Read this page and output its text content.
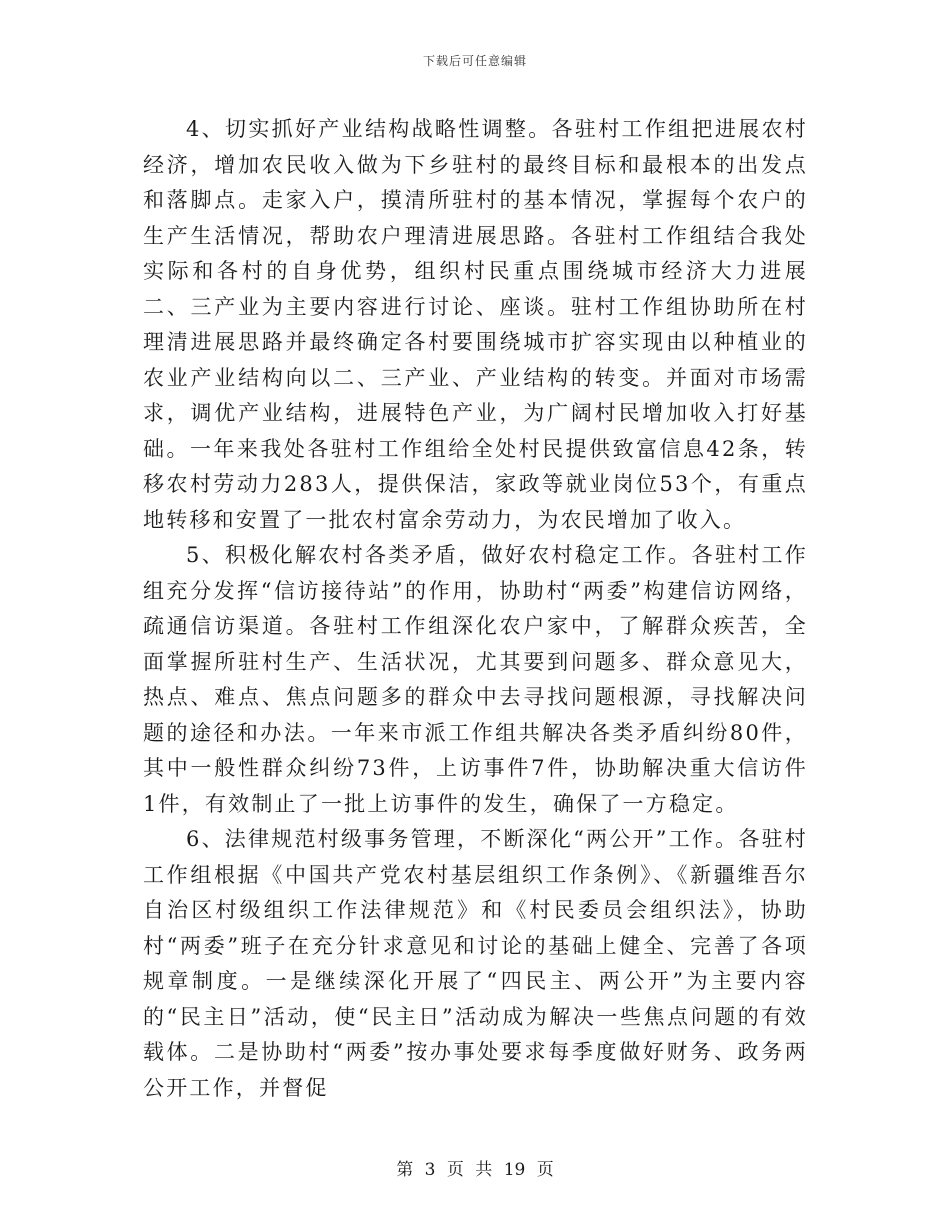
下载后可任意编辑

4、切实抓好产业结构战略性调整。各驻村工作组把进展农村经济，增加农民收入做为下乡驻村的最终目标和最根本的出发点和落脚点。走家入户，摸清所驻村的基本情况，掌握每个农户的生产生活情况，帮助农户理清进展思路。各驻村工作组结合我处实际和各村的自身优势，组织村民重点围绕城市经济大力进展二、三产业为主要内容进行讨论、座谈。驻村工作组协助所在村理清进展思路并最终确定各村要围绕城市扩容实现由以种植业的农业产业结构向以二、三产业、产业结构的转变。并面对市场需求，调优产业结构，进展特色产业，为广阔村民增加收入打好基础。一年来我处各驻村工作组给全处村民提供致富信息42条，转移农村劳动力283人，提供保洁，家政等就业岗位53个，有重点地转移和安置了一批农村富余劳动力，为农民增加了收入。

5、积极化解农村各类矛盾，做好农村稳定工作。各驻村工作组充分发挥“信访接待站”的作用，协助村“两委”构建信访网络，疏通信访渠道。各驻村工作组深化农户家中，了解群众疾苦，全面掌握所驻村生产、生活状况，尤其要到问题多、群众意见大，热点、难点、焦点问题多的群众中去寻找问题根源，寻找解决问题的途径和办法。一年来市派工作组共解决各类矛盾纠纷80件，其中一般性群众纠纷73件，上访事件7件，协助解决重大信访件1件，有效制止了一批上访事件的发生，确保了一方稳定。

6、法律规范村级事务管理，不断深化“两公开”工作。各驻村工作组根据《中国共产党农村基层组织工作条例》、《新疆维吾尔自治区村级组织工作法律规范》和《村民委员会组织法》，协助村“两委”班子在充分针求意见和讨论的基础上健全、完善了各项规章制度。一是继续深化开展了“四民主、两公开”为主要内容的“民主日”活动，使“民主日”活动成为解决一些焦点问题的有效载体。二是协助村“两委”按办事处要求每季度做好财务、政务两公开工作，并督促

第 3 页 共 19 页
